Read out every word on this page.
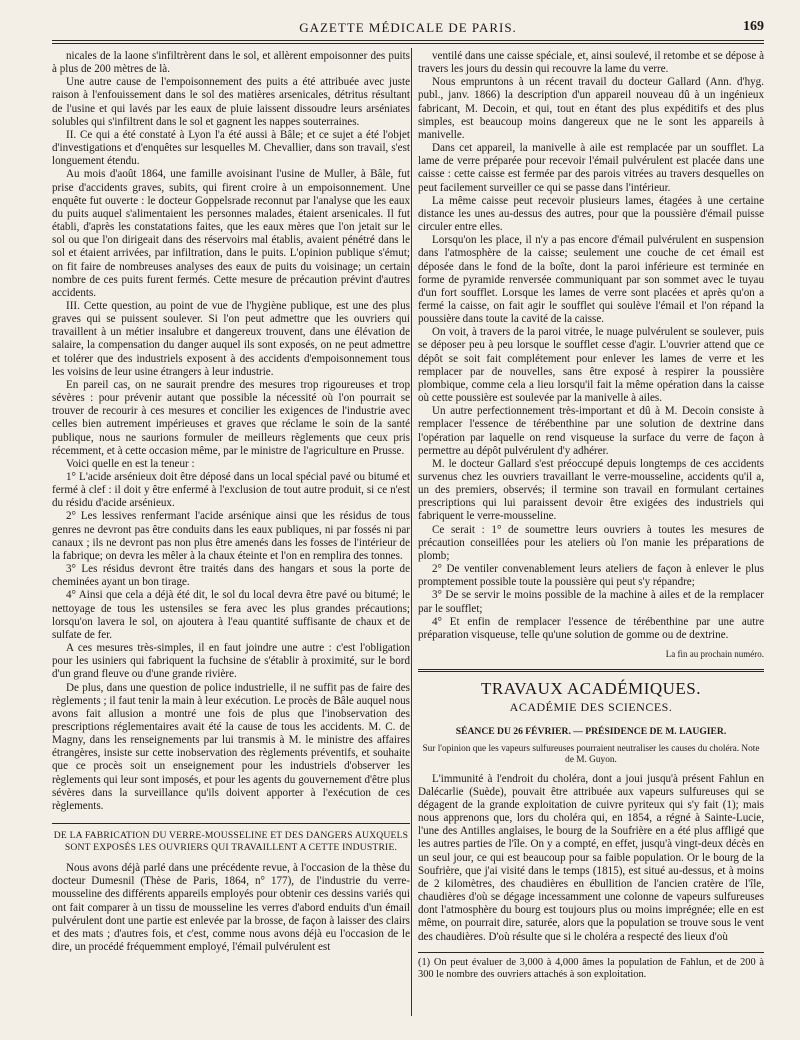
GAZETTE MÉDICALE DE PARIS.	169

nicales de la laone s'infiltrèrent dans le sol, et allèrent empoisonner des puits à plus de 200 mètres de là.

Une autre cause de l'empoisonnement des puits a été attribuée avec juste raison à l'enfouissement dans le sol des matières arsenicales, détritus résultant de l'usine et qui lavés par les eaux de pluie laissent dissoudre leurs arséniates solubles qui s'infiltrent dans le sol et gagnent les nappes souterraines.

II. Ce qui a été constaté à Lyon l'a été aussi à Bâle; et ce sujet a été l'objet d'investigations et d'enquêtes sur lesquelles M. Chevallier, dans son travail, s'est longuement étendu.

Au mois d'août 1864, une famille avoisinant l'usine de Muller, à Bâle, fut prise d'accidents graves, subits, qui firent croire à un empoisonnement. Une enquête fut ouverte : le docteur Goppelsrade reconnut par l'analyse que les eaux du puits auquel s'alimentaient les personnes malades, étaient arsenicales. Il fut établi, d'après les constatations faites, que les eaux mères que l'on jetait sur le sol ou que l'on dirigeait dans des réservoirs mal établis, avaient pénétré dans le sol et étaient arrivées, par infiltration, dans le puits. L'opinion publique s'émut; on fit faire de nombreuses analyses des eaux de puits du voisinage; un certain nombre de ces puits furent fermés. Cette mesure de précaution prévint d'autres accidents.

III. Cette question, au point de vue de l'hygiène publique, est une des plus graves qui se puissent soulever. Si l'on peut admettre que les ouvriers qui travaillent à un métier insalubre et dangereux trouvent, dans une élévation de salaire, la compensation du danger auquel ils sont exposés, on ne peut admettre et tolérer que des industriels exposent à des accidents d'empoisonnement tous les voisins de leur usine étrangers à leur industrie.

En pareil cas, on ne saurait prendre des mesures trop rigoureuses et trop sévères : pour prévenir autant que possible la nécessité où l'on pourrait se trouver de recourir à ces mesures et concilier les exigences de l'industrie avec celles bien autrement impérieuses et graves que réclame le soin de la santé publique, nous ne saurions formuler de meilleurs règlements que ceux pris récemment, et à cette occasion même, par le ministre de l'agriculture en Prusse.

Voici quelle en est la teneur :

1° L'acide arsénieux doit être déposé dans un local spécial pavé ou bitumé et fermé à clef : il doit y être enfermé à l'exclusion de tout autre produit, si ce n'est du résidu d'acide arsénieux.

2° Les lessives renfermant l'acide arsénique ainsi que les résidus de tous genres ne devront pas être conduits dans les eaux publiques, ni par fossés ni par canaux ; ils ne devront pas non plus être amenés dans les fosses de l'intérieur de la fabrique; on devra les mêler à la chaux éteinte et l'on en remplira des tonnes.

3° Les résidus devront être traités dans des hangars et sous la porte de cheminées ayant un bon tirage.

4° Ainsi que cela a déjà été dit, le sol du local devra être pavé ou bitumé; le nettoyage de tous les ustensiles se fera avec les plus grandes précautions; lorsqu'on lavera le sol, on ajoutera à l'eau quantité suffisante de chaux et de sulfate de fer.

A ces mesures très-simples, il en faut joindre une autre : c'est l'obligation pour les usiniers qui fabriquent la fuchsine de s'établir à proximité, sur le bord d'un grand fleuve ou d'une grande rivière.

De plus, dans une question de police industrielle, il ne suffit pas de faire des règlements ; il faut tenir la main à leur exécution. Le procès de Bâle auquel nous avons fait allusion a montré une fois de plus que l'inobservation des prescriptions réglementaires avait été la cause de tous les accidents. M. C. de Magny, dans les renseignements par lui transmis à M. le ministre des affaires étrangères, insiste sur cette inobservation des règlements préventifs, et souhaite que ce procès soit un enseignement pour les industriels d'observer les règlements qui leur sont imposés, et pour les agents du gouvernement d'être plus sévères dans la surveillance qu'ils doivent apporter à l'exécution de ces règlements.

DE LA FABRICATION DU VERRE-MOUSSELINE ET DES DANGERS AUXQUELS SONT EXPOSÉS LES OUVRIERS QUI TRAVAILLENT A CETTE INDUSTRIE.

Nous avons déjà parlé dans une précédente revue, à l'occasion de la thèse du docteur Dumesnil (Thèse de Paris, 1864, n° 177), de l'industrie du verre-mousseline des différents appareils employés pour obtenir ces dessins variés qui ont fait comparer à un tissu de mousseline les verres d'abord enduits d'un émail pulvérulent dont une partie est enlevée par la brosse, de façon à laisser des clairs et des mats ; d'autres fois, et c'est, comme nous avons déjà eu l'occasion de le dire, un procédé fréquemment employé, l'émail pulvérulent est

ventilé dans une caisse spéciale, et, ainsi soulevé, il retombe et se dépose à travers les jours du dessin qui recouvre la lame du verre.

Nous empruntons à un récent travail du docteur Gallard (Ann. d'hyg. publ., janv. 1866) la description d'un appareil nouveau dû à un ingénieux fabricant, M. Decoin, et qui, tout en étant des plus expéditifs et des plus simples, est beaucoup moins dangereux que ne le sont les appareils à manivelle.

Dans cet appareil, la manivelle à aile est remplacée par un soufflet. La lame de verre préparée pour recevoir l'émail pulvérulent est placée dans une caisse : cette caisse est fermée par des parois vitrées au travers desquelles on peut facilement surveiller ce qui se passe dans l'intérieur.

La même caisse peut recevoir plusieurs lames, étagées à une certaine distance les unes au-dessus des autres, pour que la poussière d'émail puisse circuler entre elles.

Lorsqu'on les place, il n'y a pas encore d'émail pulvérulent en suspension dans l'atmosphère de la caisse; seulement une couche de cet émail est déposée dans le fond de la boîte, dont la paroi inférieure est terminée en forme de pyramide renversée communiquant par son sommet avec le tuyau d'un fort soufflet. Lorsque les lames de verre sont placées et après qu'on a fermé la caisse, on fait agir le soufflet qui soulève l'émail et l'on répand la poussière dans toute la cavité de la caisse.

On voit, à travers de la paroi vitrée, le nuage pulvérulent se soulever, puis se déposer peu à peu lorsque le soufflet cesse d'agir. L'ouvrier attend que ce dépôt se soit fait complétement pour enlever les lames de verre et les remplacer par de nouvelles, sans être exposé à respirer la poussière plombique, comme cela a lieu lorsqu'il fait la même opération dans la caisse où cette poussière est soulevée par la manivelle à ailes.

Un autre perfectionnement très-important et dû à M. Decoin consiste à remplacer l'essence de térébenthine par une solution de dextrine dans l'opération par laquelle on rend visqueuse la surface du verre de façon à permettre au dépôt pulvérulent d'y adhérer.

M. le docteur Gallard s'est préoccupé depuis longtemps de ces accidents survenus chez les ouvriers travaillant le verre-mousseline, accidents qu'il a, un des premiers, observés; il termine son travail en formulant certaines prescriptions qui lui paraissent devoir être exigées des industriels qui fabriquent le verre-mousseline.

Ce serait : 1° de soumettre leurs ouvriers à toutes les mesures de précaution conseillées pour les ateliers où l'on manie les préparations de plomb;

2° De ventiler convenablement leurs ateliers de façon à enlever le plus promptement possible toute la poussière qui peut s'y répandre;

3° De se servir le moins possible de la machine à ailes et de la remplacer par le soufflet;

4° Et enfin de remplacer l'essence de térébenthine par une autre préparation visqueuse, telle qu'une solution de gomme ou de dextrine.

La fin au prochain numéro.

TRAVAUX ACADÉMIQUES.
ACADÉMIE DES SCIENCES.
SÉANCE DU 26 FÉVRIER. — PRÉSIDENCE DE M. LAUGIER.
Sur l'opinion que les vapeurs sulfureuses pourraient neutraliser les causes du choléra. Note de M. Guyon.

L'immunité à l'endroit du choléra, dont a joui jusqu'à présent Fahlun en Dalécarlie (Suède), pouvait être attribuée aux vapeurs sulfureuses qui se dégagent de la grande exploitation de cuivre pyriteux qui s'y fait (1); mais nous apprenons que, lors du choléra qui, en 1854, a régné à Sainte-Lucie, l'une des Antilles anglaises, le bourg de la Soufrière en a été plus affligé que les autres parties de l'île. On y a compté, en effet, jusqu'à vingt-deux décès en un seul jour, ce qui est beaucoup pour sa faible population. Or le bourg de la Soufrière, que j'ai visité dans le temps (1815), est situé au-dessus, et à moins de 2 kilomètres, des chaudières en ébullition de l'ancien cratère de l'île, chaudières d'où se dégage incessamment une colonne de vapeurs sulfureuses dont l'atmosphère du bourg est toujours plus ou moins imprégnée; elle en est même, on pourrait dire, saturée, alors que la population se trouve sous le vent des chaudières. D'où résulte que si le choléra a respecté des lieux d'où

(1) On peut évaluer de 3,000 à 4,000 âmes la population de Fahlun, et de 200 à 300 le nombre des ouvriers attachés à son exploitation.
